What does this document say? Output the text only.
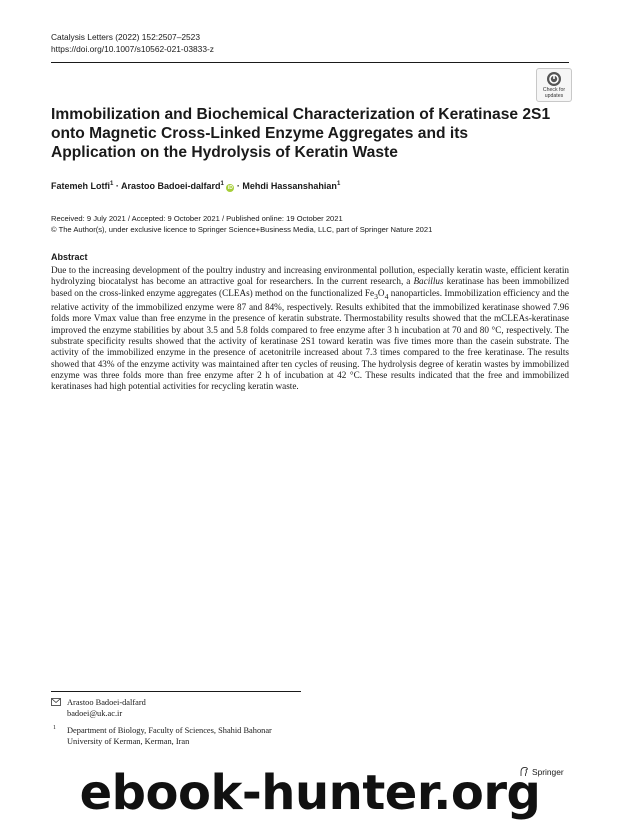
Catalysis Letters (2022) 152:2507–2523
https://doi.org/10.1007/s10562-021-03833-z
Check for
updates
Immobilization and Biochemical Characterization of Keratinase 2S1 onto Magnetic Cross-Linked Enzyme Aggregates and its Application on the Hydrolysis of Keratin Waste
Fatemeh Lotfi$^1$ · Arastoo Badoei-dalfard$^1$ iD · Mehdi Hassanshahian$^1$
Received: 9 July 2021 / Accepted: 9 October 2021 / Published online: 19 October 2021
© The Author(s), under exclusive licence to Springer Science+Business Media, LLC, part of Springer Nature 2021
Abstract

Due to the increasing development of the poultry industry and increasing environmental pollution, especially keratin waste, efficient keratin hydrolyzing biocatalyst has become an attractive goal for researchers. In the current research, a Bacillus keratinase has been immobilized based on the cross-linked enzyme aggregates (CLEAs) method on the functionalized $Fe_3O_4$ nanoparticles. Immobilization efficiency and the relative activity of the immobilized enzyme were 87 and 84%, respectively. Results exhibited that the immobilized keratinase showed 7.96 folds more Vmax value than free enzyme in the presence of keratin substrate. Thermostability results showed that the mCLEAs-keratinase improved the enzyme stabilities by about 3.5 and 5.8 folds compared to free enzyme after 3 h incubation at 70 and 80 °C, respectively. The substrate specificity results showed that the activity of keratinase 2S1 toward keratin was five times more than the casein substrate. The activity of the immobilized enzyme in the presence of acetonitrile increased about 7.3 times compared to the free keratinase. The results showed that 43% of the enzyme activity was maintained after ten cycles of reusing. The hydrolysis degree of keratin wastes by immobilized enzyme was three folds more than free enzyme after 2 h of incubation at 42 °C. These results indicated that the free and immobilized keratinases had high potential activities for recycling keratin waste.

Arastoo Badoei-dalfard
badoei@uk.ac.ir
1 Department of Biology, Faculty of Sciences, Shahid Bahonar
University of Kerman, Kerman, Iran
Springer
ebook-hunter.org
